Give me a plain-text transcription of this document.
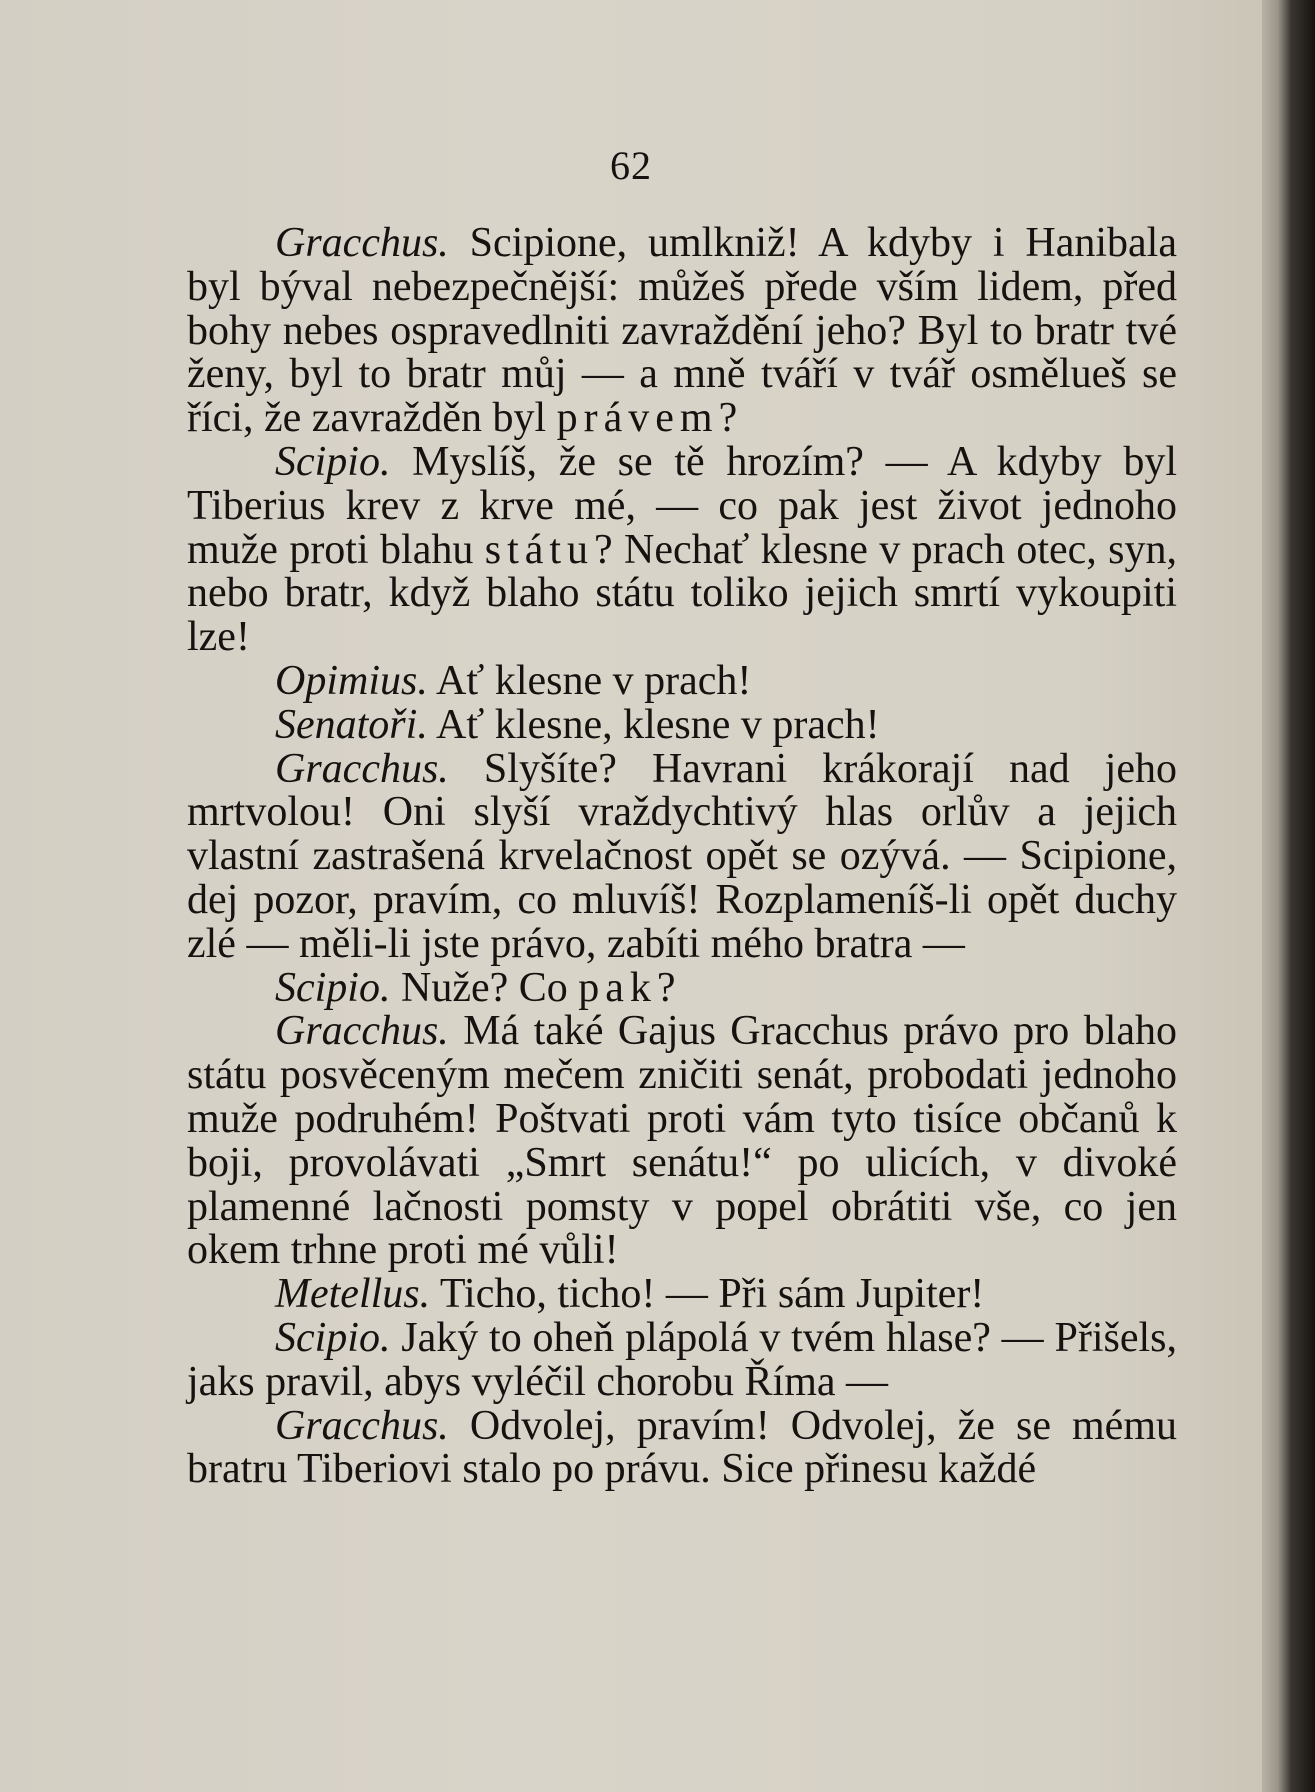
62

Gracchus. Scipione, umlkniž! A kdyby i Hanibala byl býval nebezpečnější: můžeš přede vším lidem, před bohy nebes ospravedlniti zavraždění jeho? Byl to bratr tvé ženy, byl to bratr můj — a mně tváří v tvář osmělueš se říci, že zavražděn byl právem?

Scipio. Myslíš, že se tě hrozím? — A kdyby byl Tiberius krev z krve mé, — co pak jest život jednoho muže proti blahu státu? Nechať klesne v prach otec, syn, nebo bratr, když blaho státu toliko jejich smrtí vykoupiti lze!

Opimius. Ať klesne v prach!

Senatoři. Ať klesne, klesne v prach!

Gracchus. Slyšíte? Havrani krákorají nad jeho mrtvolou! Oni slyší vraždychtivý hlas orlův a jejich vlastní zastrašená krvelačnost opět se ozývá. — Scipione, dej pozor, pravím, co mluvíš! Rozplameníš-li opět duchy zlé — měli-li jste právo, zabíti mého bratra —

Scipio. Nuže? Co pak?

Gracchus. Má také Gajus Gracchus právo pro blaho státu posvěceným mečem zničiti senát, probodati jednoho muže podruhém! Poštvati proti vám tyto tisíce občanů k boji, provolávati „Smrt senátu!“ po ulicích, v divoké plamenné lačnosti pomsty v popel obrátiti vše, co jen okem trhne proti mé vůli!

Metellus. Ticho, ticho! — Při sám Jupiter!

Scipio. Jaký to oheň plápolá v tvém hlase? — Přišels, jaks pravil, abys vyléčil chorobu Říma —

Gracchus. Odvolej, pravím! Odvolej, že se mému bratru Tiberiovi stalo po právu. Sice přinesu každé
